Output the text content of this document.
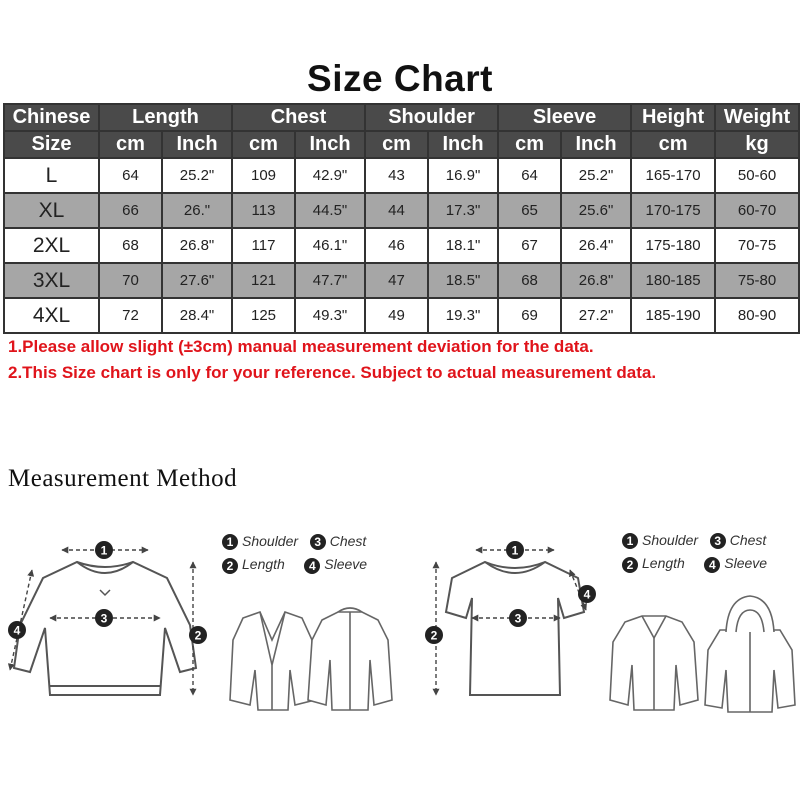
Size Chart
Chinese	Length		Chest		Shoulder		Sleeve		Height	Weight
Size	cm	Inch	cm	Inch	cm	Inch	cm	Inch	cm	kg
L	64	25.2"	109	42.9"	43	16.9"	64	25.2"	165-170	50-60
XL	66	26."	113	44.5"	44	17.3"	65	25.6"	170-175	60-70
2XL	68	26.8"	117	46.1"	46	18.1"	67	26.4"	175-180	70-75
3XL	70	27.6"	121	47.7"	47	18.5"	68	26.8"	180-185	75-80
4XL	72	28.4"	125	49.3"	49	19.3"	69	27.2"	185-190	80-90
1.Please allow slight (±3cm) manual measurement deviation for the data.
2.This Size chart is only for your reference. Subject to actual measurement data.
Measurement Method
1
2
3
4
1
2
3
4
1 Shoulder 3 Chest
2 Length 4 Sleeve
1 Shoulder 3 Chest
2 Length 4 Sleeve
